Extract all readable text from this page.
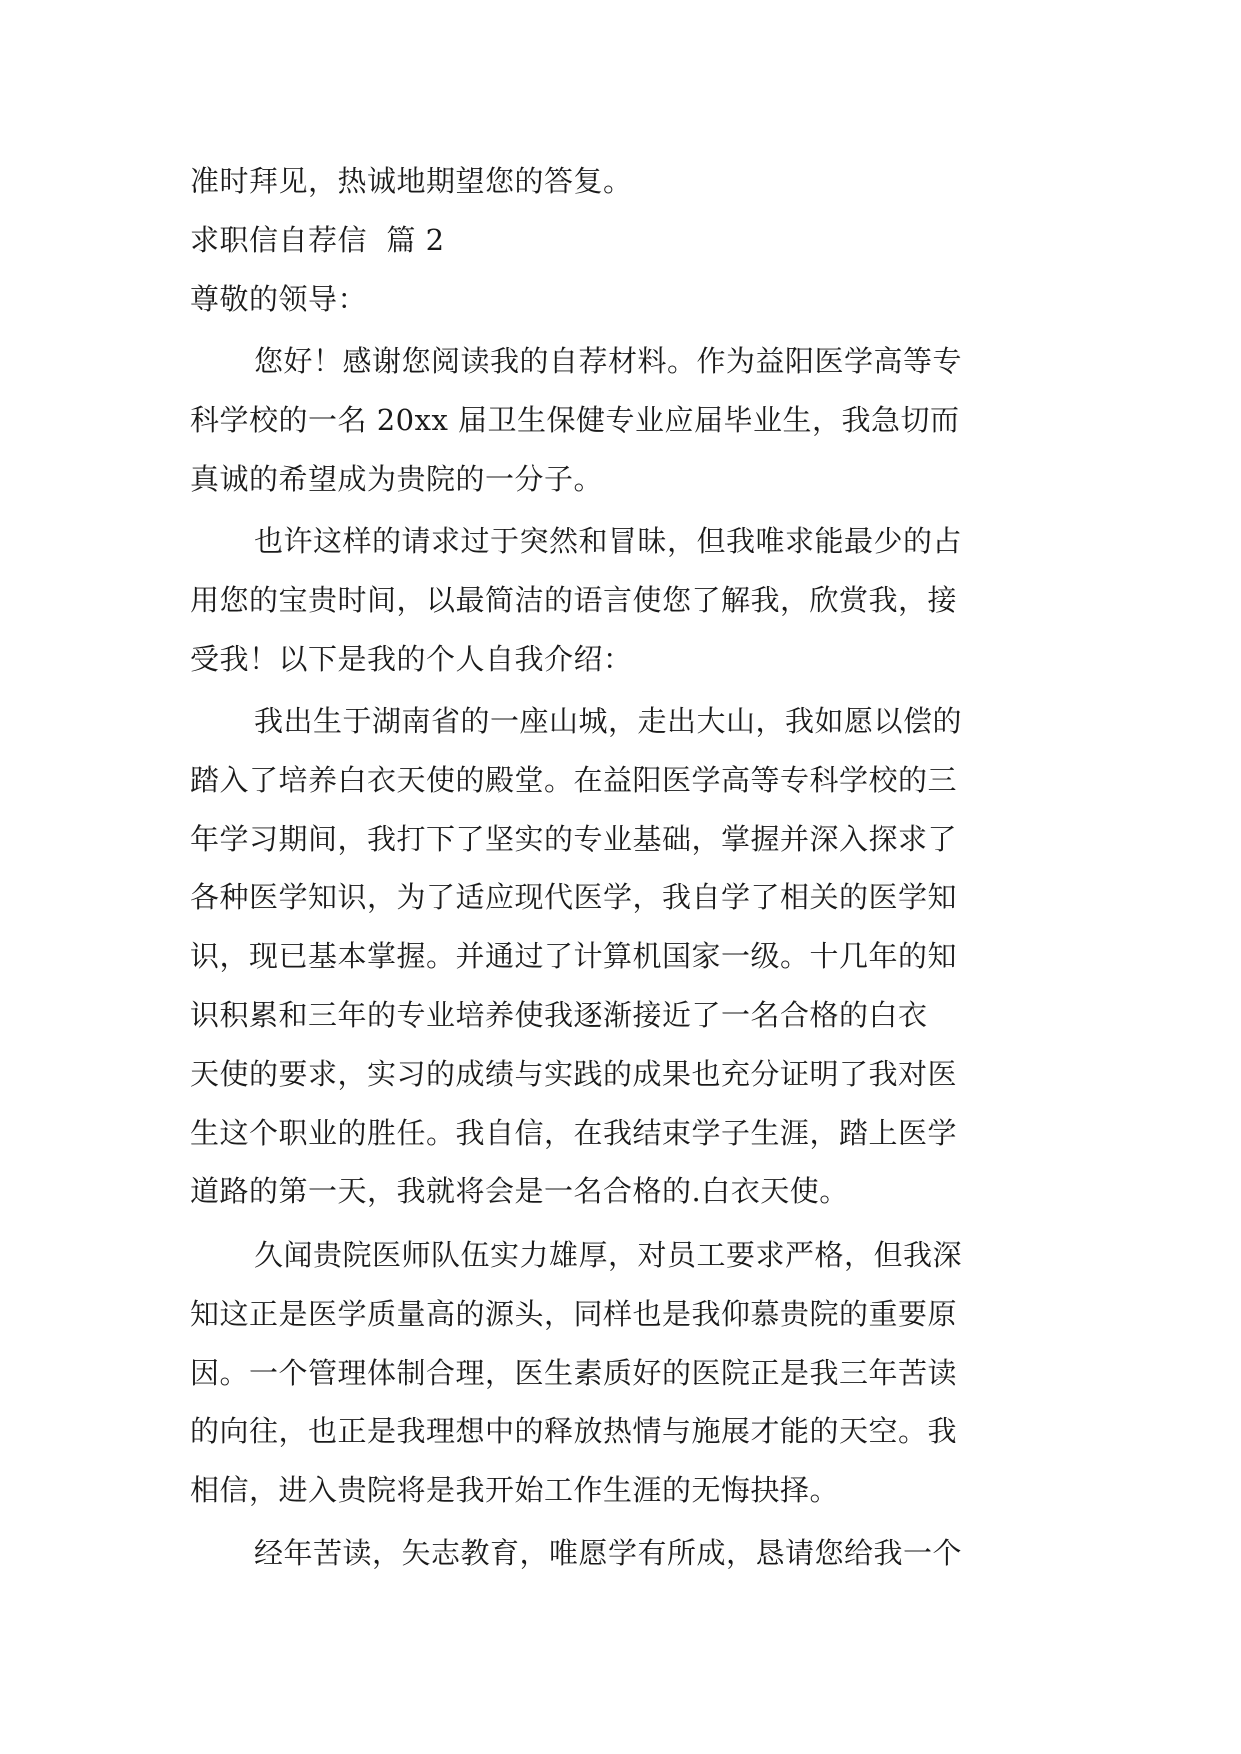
准时拜见，热诚地期望您的答复。
求职信自荐信  篇 2
尊敬的领导：
您好！感谢您阅读我的自荐材料。作为益阳医学高等专
科学校的一名 20xx 届卫生保健专业应届毕业生，我急切而
真诚的希望成为贵院的一分子。
也许这样的请求过于突然和冒昧，但我唯求能最少的占
用您的宝贵时间，以最简洁的语言使您了解我，欣赏我，接
受我！以下是我的个人自我介绍：
我出生于湖南省的一座山城，走出大山，我如愿以偿的
踏入了培养白衣天使的殿堂。在益阳医学高等专科学校的三
年学习期间，我打下了坚实的专业基础，掌握并深入探求了
各种医学知识，为了适应现代医学，我自学了相关的医学知
识，现已基本掌握。并通过了计算机国家一级。十几年的知
识积累和三年的专业培养使我逐渐接近了一名合格的白衣
天使的要求，实习的成绩与实践的成果也充分证明了我对医
生这个职业的胜任。我自信，在我结束学子生涯，踏上医学
道路的第一天，我就将会是一名合格的.白衣天使。
久闻贵院医师队伍实力雄厚，对员工要求严格，但我深
知这正是医学质量高的源头，同样也是我仰慕贵院的重要原
因。一个管理体制合理，医生素质好的医院正是我三年苦读
的向往，也正是我理想中的释放热情与施展才能的天空。我
相信，进入贵院将是我开始工作生涯的无悔抉择。
经年苦读，矢志教育，唯愿学有所成，恳请您给我一个
